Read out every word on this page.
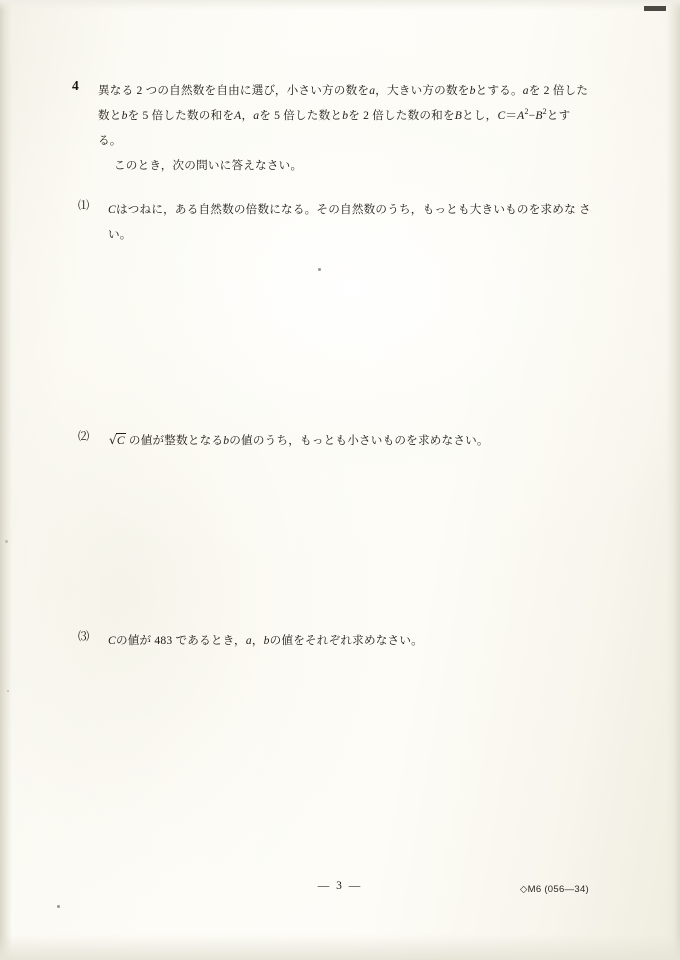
4 異なる 2 つの自然数を自由に選び，小さい方の数をa，大きい方の数をbとする。aを 2 倍した
数とbを 5 倍した数の和をA，aを 5 倍した数とbを 2 倍した数の和をBとし，$C=A^2-B^2$とす
る。
このとき，次の問いに答えなさい。
⑴ Cはつねに，ある自然数の倍数になる。その自然数のうち，もっとも大きいものを求めな さ
い。
⑵ √C の値が整数となるbの値のうち，もっとも小さいものを求めなさい。
⑶ Cの値が 483 であるとき，a，bの値をそれぞれ求めなさい。
— 3 —	◇M6 (056—34)
